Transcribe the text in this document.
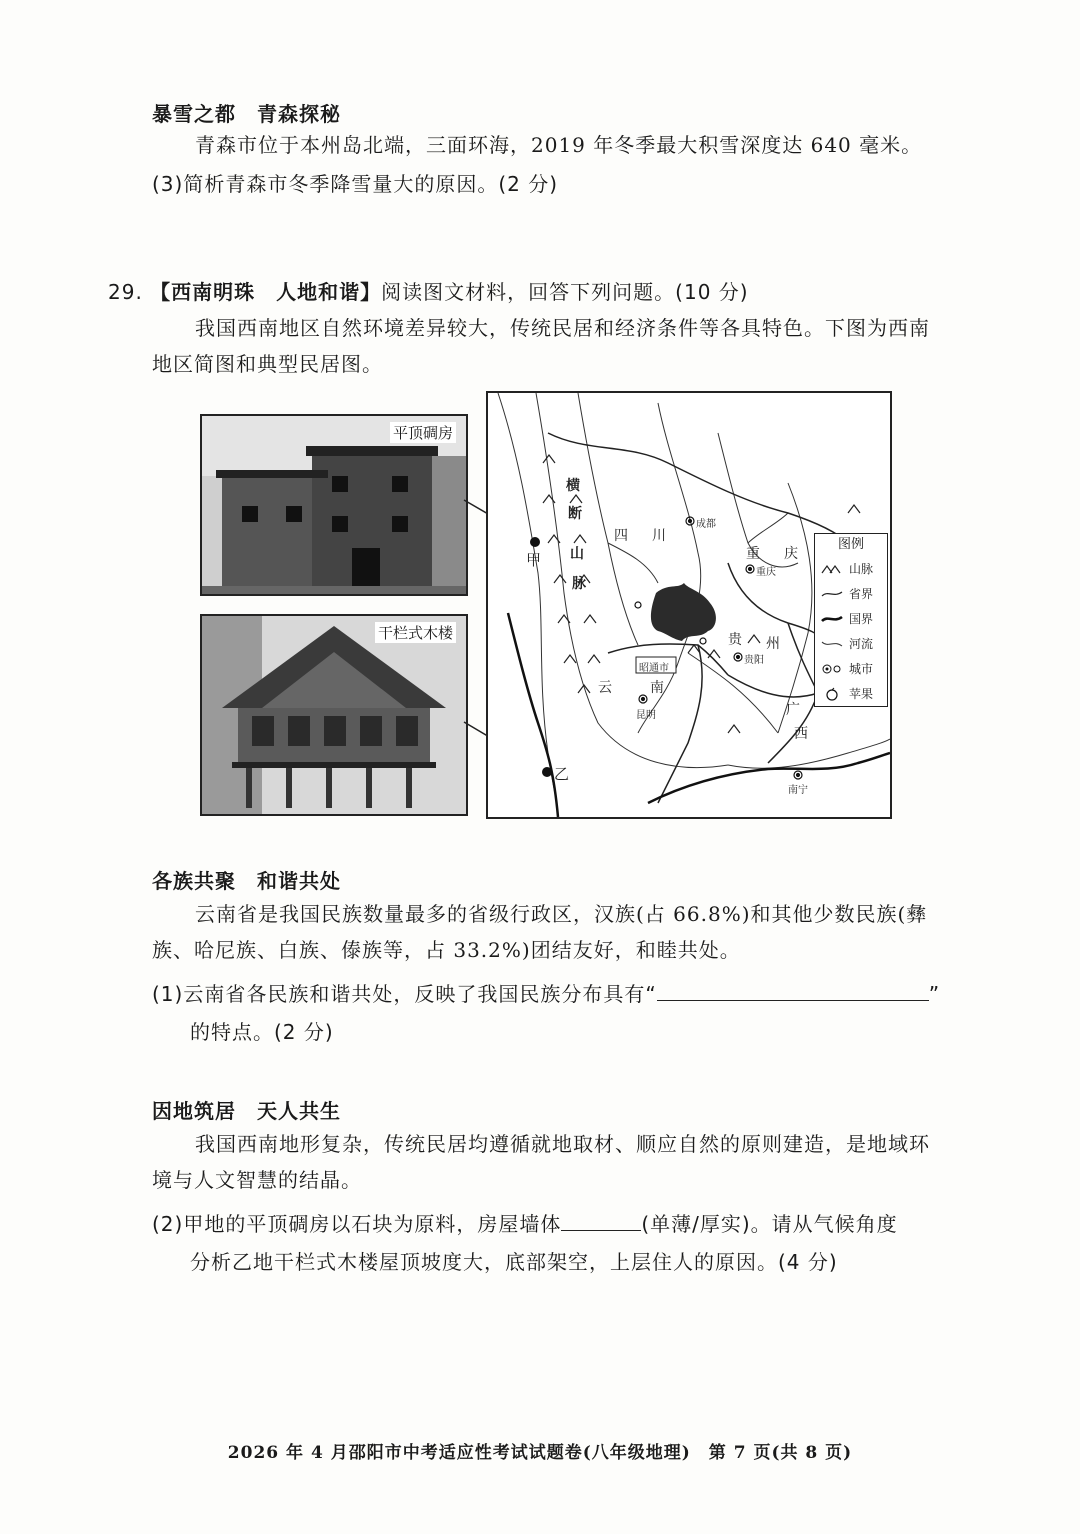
暴雪之都　青森探秘
青森市位于本州岛北端，三面环海，2019 年冬季最大积雪深度达 640 毫米。
(3)简析青森市冬季降雪量大的原因。(2 分)
29. 【西南明珠　人地和谐】阅读图文材料，回答下列问题。(10 分)
我国西南地区自然环境差异较大，传统民居和经济条件等各具特色。下图为西南
地区简图和典型民居图。
平顶碉房
干栏式木楼
四 川
重 庆
贵 州
云	南
广
西
横
断
山
脉
成都
重庆
贵阳
昆明
南宁
昭通市
甲
乙
图例
山脉
省界
国界
河流
城市
苹果
各族共聚　和谐共处
云南省是我国民族数量最多的省级行政区，汉族(占 66.8%)和其他少数民族(彝
族、哈尼族、白族、傣族等，占 33.2%)团结友好，和睦共处。
(1)云南省各民族和谐共处，反映了我国民族分布具有“	”
的特点。(2 分)
因地筑居　天人共生
我国西南地形复杂，传统民居均遵循就地取材、顺应自然的原则建造，是地域环
境与人文智慧的结晶。
(2)甲地的平顶碉房以石块为原料，房屋墙体	(单薄/厚实)。请从气候角度
分析乙地干栏式木楼屋顶坡度大，底部架空，上层住人的原因。(4 分)
2026 年 4 月邵阳市中考适应性考试试题卷(八年级地理)　第 7 页(共 8 页)
